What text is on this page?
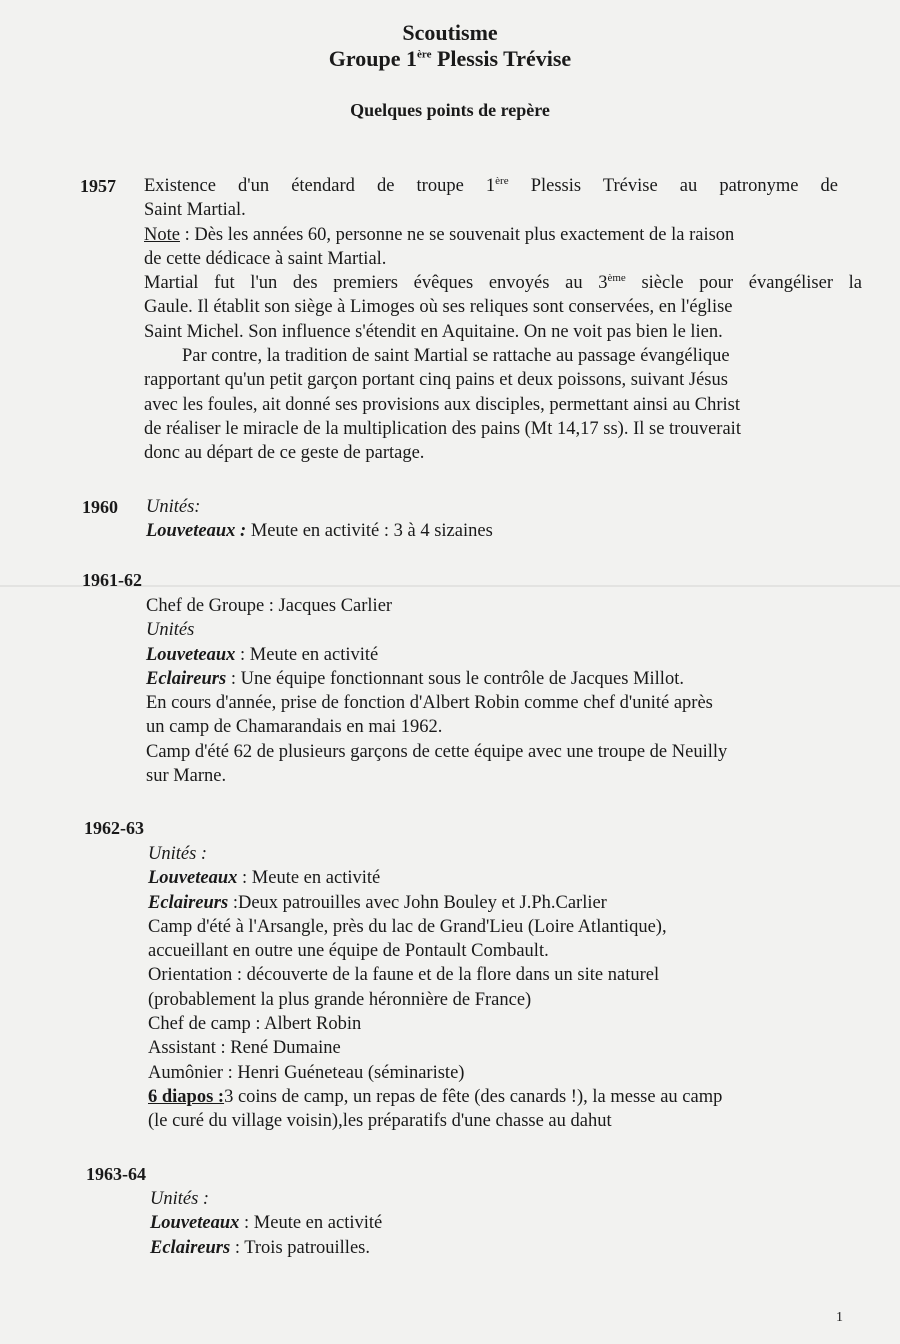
Scoutisme
Groupe 1ère Plessis Trévise
Quelques points de repère
1957 Existence d'un étendard de troupe 1ère Plessis Trévise au patronyme de
Saint Martial.
Note : Dès les années 60, personne ne se souvenait plus exactement de la raison
de cette dédicace à saint Martial.
Martial fut l'un des premiers évêques envoyés au 3ème siècle pour évangéliser la
Gaule. Il établit son siège à Limoges où ses reliques sont conservées, en l'église
Saint Michel. Son influence s'étendit en Aquitaine. On ne voit pas bien le lien.
Par contre, la tradition de saint Martial se rattache au passage évangélique
rapportant qu'un petit garçon portant cinq pains et deux poissons, suivant Jésus
avec les foules, ait donné ses provisions aux disciples, permettant ainsi au Christ
de réaliser le miracle de la multiplication des pains (Mt 14,17 ss). Il se trouverait
donc au départ de ce geste de partage.
1960 Unités:
Louveteaux : Meute en activité : 3 à 4 sizaines
1961-62
Chef de Groupe : Jacques Carlier
Unités
Louveteaux : Meute en activité
Eclaireurs : Une équipe fonctionnant sous le contrôle de Jacques Millot.
En cours d'année, prise de fonction d'Albert Robin comme chef d'unité après
un camp de Chamarandais en mai 1962.
Camp d'été 62 de plusieurs garçons de cette équipe avec une troupe de Neuilly
sur Marne.
1962-63
Unités :
Louveteaux : Meute en activité
Eclaireurs :Deux patrouilles avec John Bouley et J.Ph.Carlier
Camp d'été à l'Arsangle, près du lac de Grand'Lieu (Loire Atlantique),
accueillant en outre une équipe de Pontault Combault.
Orientation : découverte de la faune et de la flore dans un site naturel
(probablement la plus grande héronnière de France)
Chef de camp : Albert Robin
Assistant : René Dumaine
Aumônier : Henri Guéneteau (séminariste)
6 diapos :3 coins de camp, un repas de fête (des canards !), la messe au camp
(le curé du village voisin),les préparatifs d'une chasse au dahut
1963-64
Unités :
Louveteaux : Meute en activité
Eclaireurs : Trois patrouilles.
1
